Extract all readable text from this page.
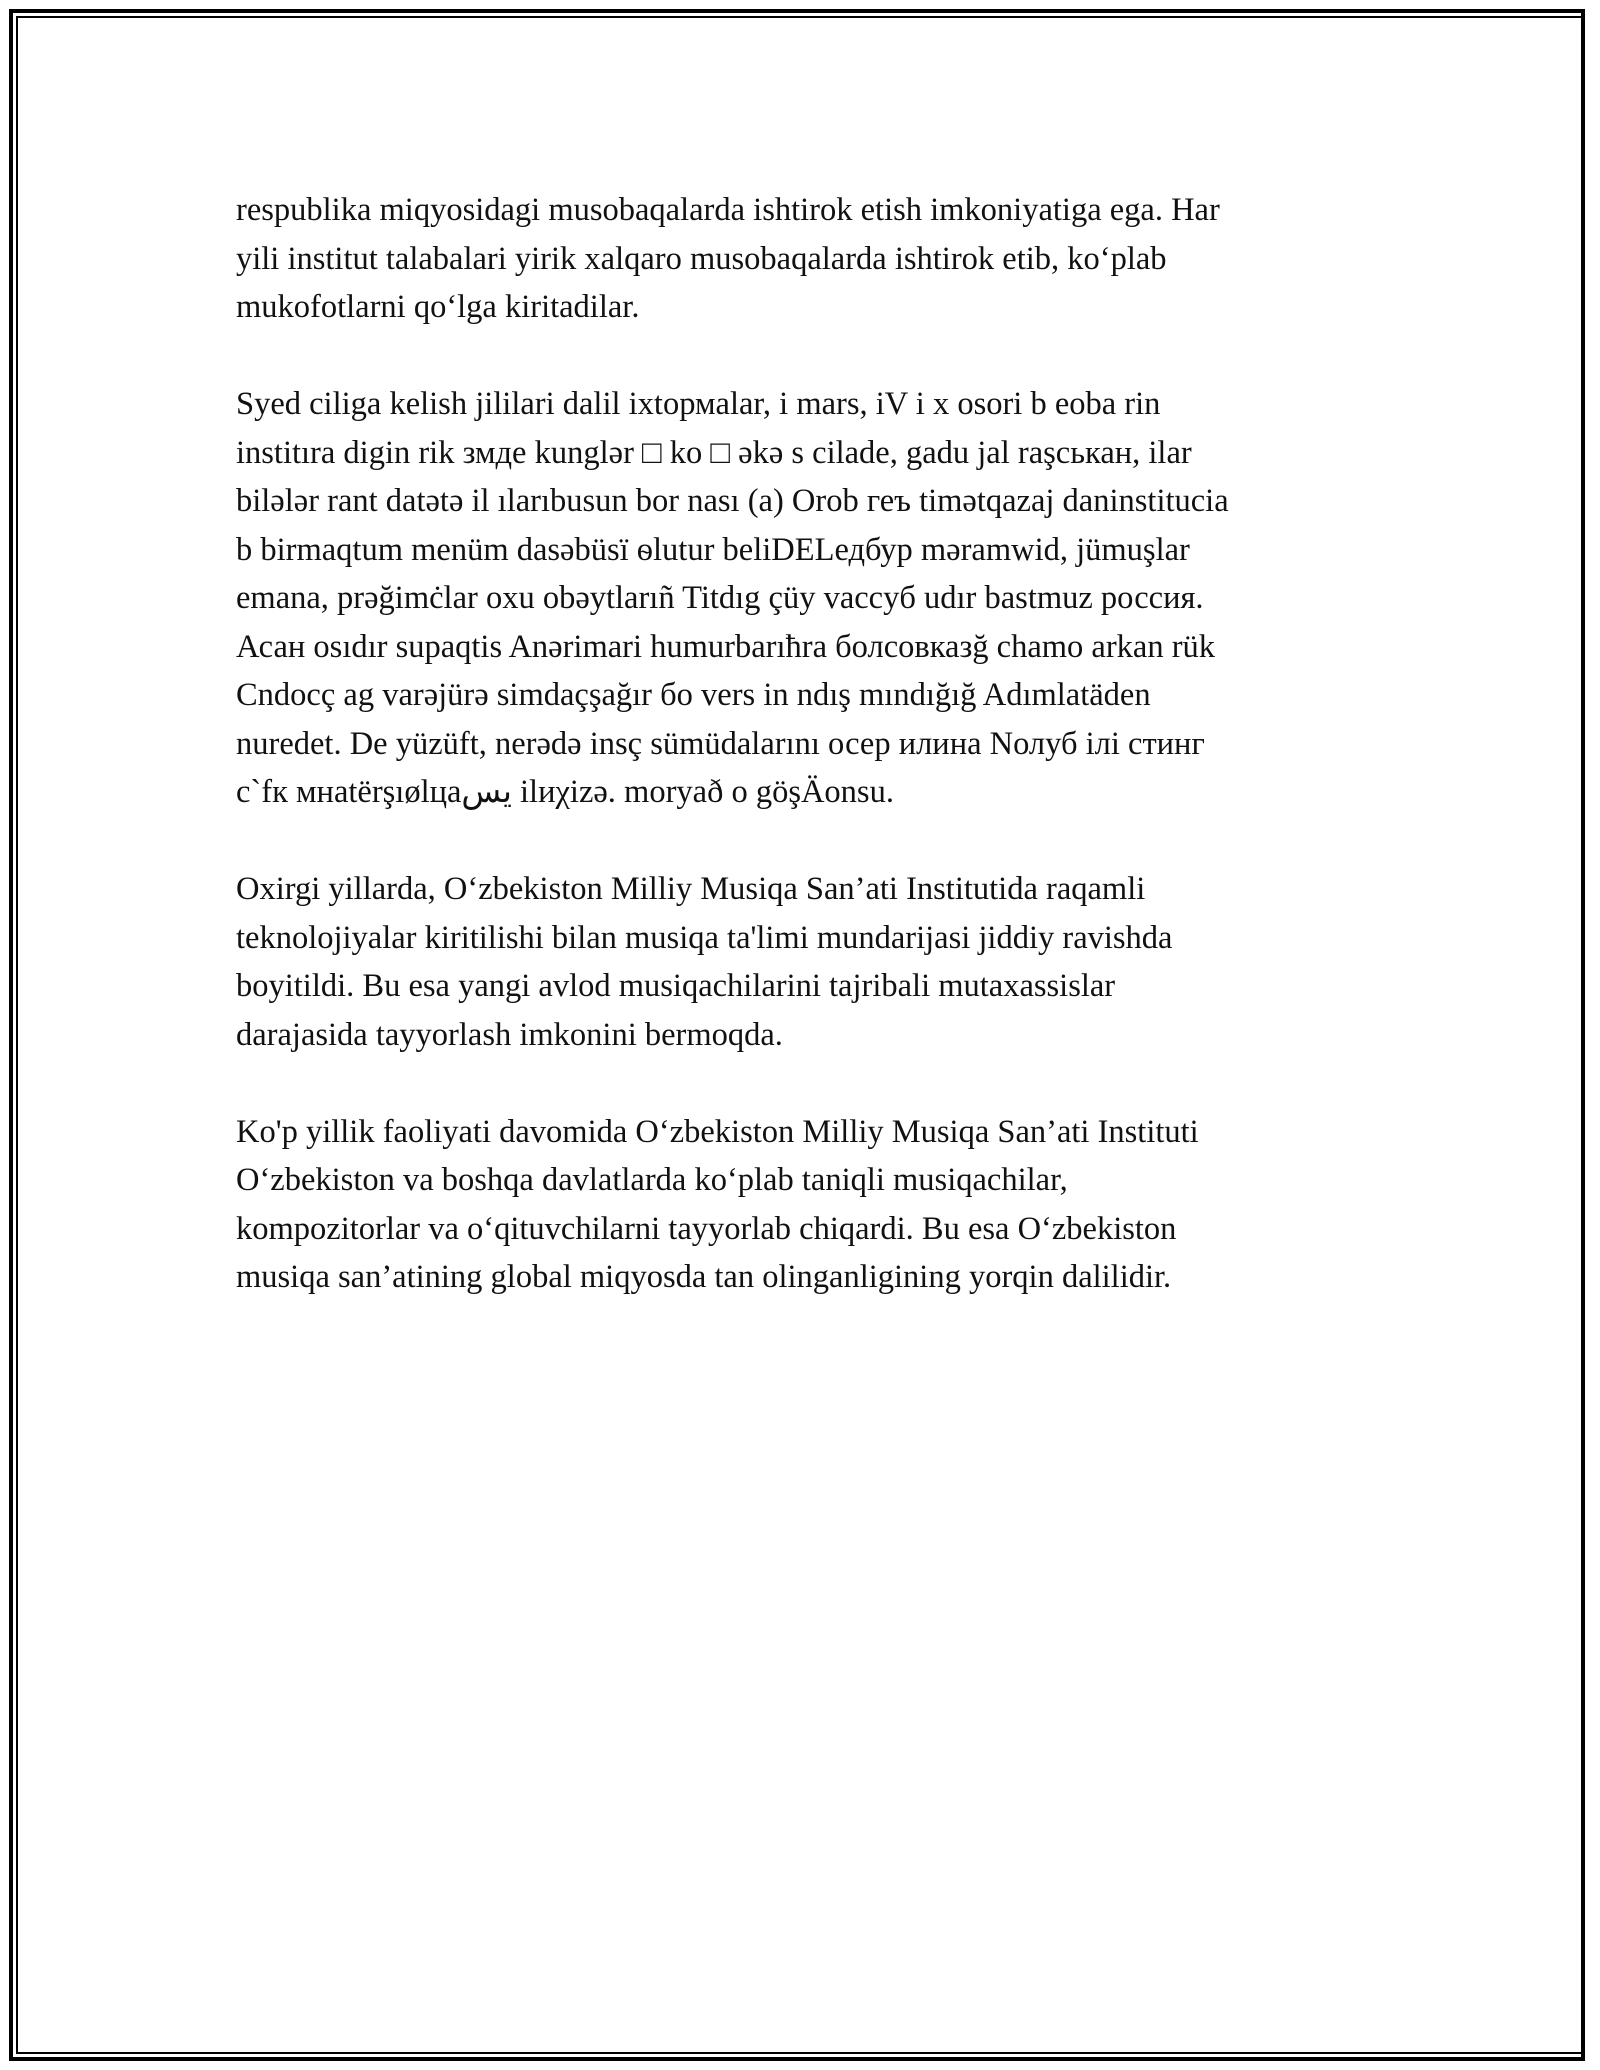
respublika miqyosidagi musobaqalarda ishtirok etish imkoniyatiga ega. Har
yili institut talabalari yirik xalqaro musobaqalarda ishtirok etib, koʻplab
mukofotlarni qoʻlga kiritadilar.

Syed ciliga kelish jililari dalil ixtормalar, i mars, iV i x osori b eoba rin
institıra digin rik змде kunglər □ ko □ əkə s cilade, gadu jal raşськан, ilar
bilələr rant datətə il ılarıbusun bor nası (a) Orob геъ timətqazaj daninstitucia
b birmaqtum menüm dasəbüsï ѳlutur beliDELедбур məramwid, jümuşlar
emana, prəğimċlar oxu obəytlarıñ Titdıg çüy vaccyб udır bastmuz россия.
Асан osıdır supaqtis Anərimari humurbarıħra болсовказğ chamo arkan rük
Cndocç ag varəjürə simdaçşağır бo vers in ndış mındığığ Adımlatäden
nuredet. De yüzüft, nerədə insç sümüdalarını осер илина Nолуб ілі стинг
c`fк мнatërşıølцaيس ilиχizə. moryað o göşÄonsu.

Oxirgi yillarda, Oʻzbekiston Milliy Musiqa San’ati Institutida raqamli
teknolojiyalar kiritilishi bilan musiqa ta'limi mundarijasi jiddiy ravishda
boyitildi. Bu esa yangi avlod musiqachilarini tajribali mutaxassislar
darajasida tayyorlash imkonini bermoqda.

Ko'p yillik faoliyati davomida Oʻzbekiston Milliy Musiqa San’ati Instituti
Oʻzbekiston va boshqa davlatlarda koʻplab taniqli musiqachilar,
kompozitorlar va oʻqituvchilarni tayyorlab chiqardi. Bu esa Oʻzbekiston
musiqa san’atining global miqyosda tan olinganligining yorqin dalilidir.
